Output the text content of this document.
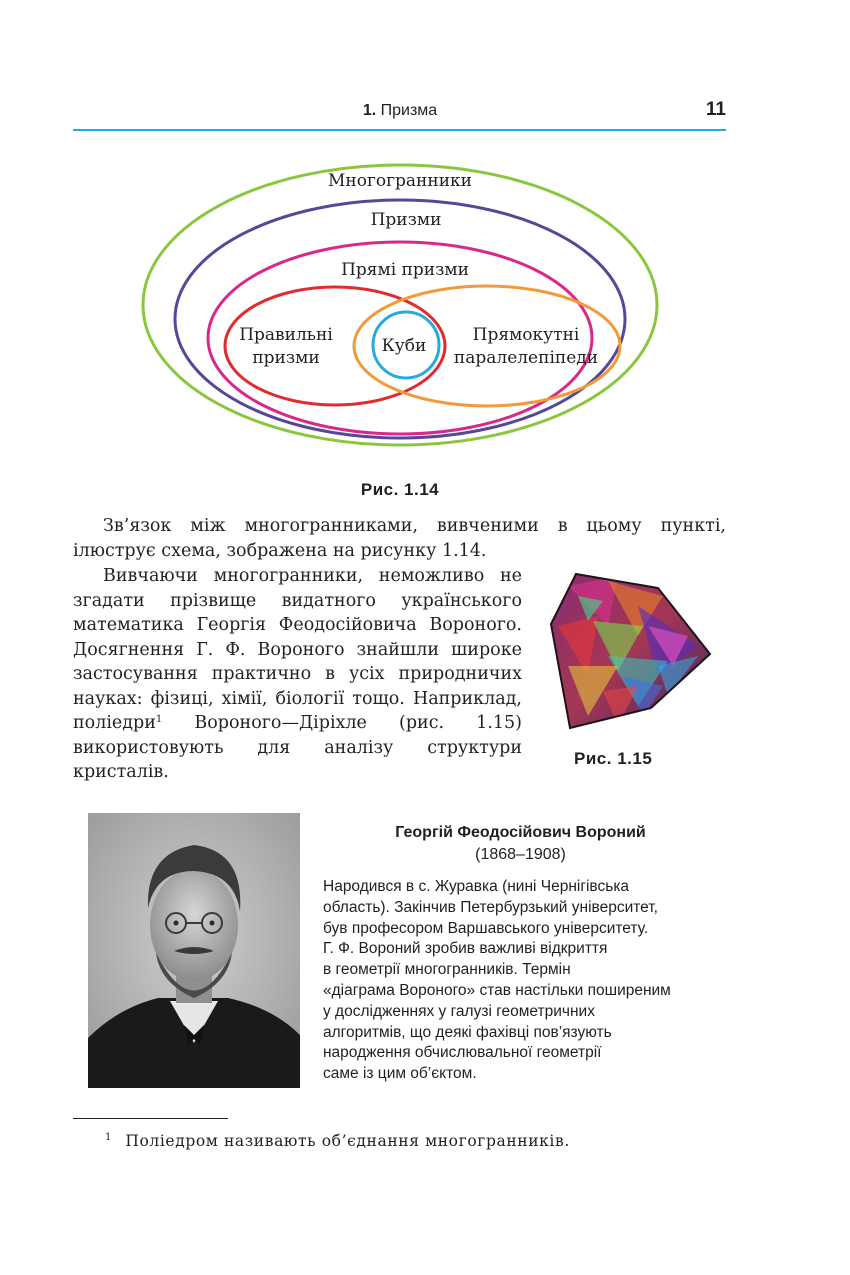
1. Призма	11
Многогранники
Призми
Прямі призми
Правильні
призми
Куби
Прямокутні
паралелепіпеди
Рис. 1.14
Зв’язок між многогранниками, вивченими в цьому пункті, ілюструє схема, зображена на рисунку 1.14.
Вивчаючи многогранники, неможливо не згадати прізвище видатного українського математика Георгія Феодосійовича Вороного. Досягнення Г. Ф. Вороного знайшли широке застосування практично в усіх природничих науках: фізиці, хімії, біології тощо. Наприклад, поліедри$^1$ Вороного—Діріхле (рис. 1.15) використовують для аналізу структури кристалів.
Рис. 1.15
Георгій Феодосійович Вороний
(1868–1908)
Народився в с. Журавка (нині Чернігівська
область). Закінчив Петербурзький університет,
був професором Варшавського університету.
Г. Ф. Вороний зробив важливі відкриття
в геометрії многогранників. Термін
«діаграма Вороного» став настільки поширеним
у дослідженнях у галузі геометричних
алгоритмів, що деякі фахівці пов’язують
народження обчислювальної геометрії
саме із цим об’єктом.
$^1$ Поліедром називають об’єднання многогранників.
